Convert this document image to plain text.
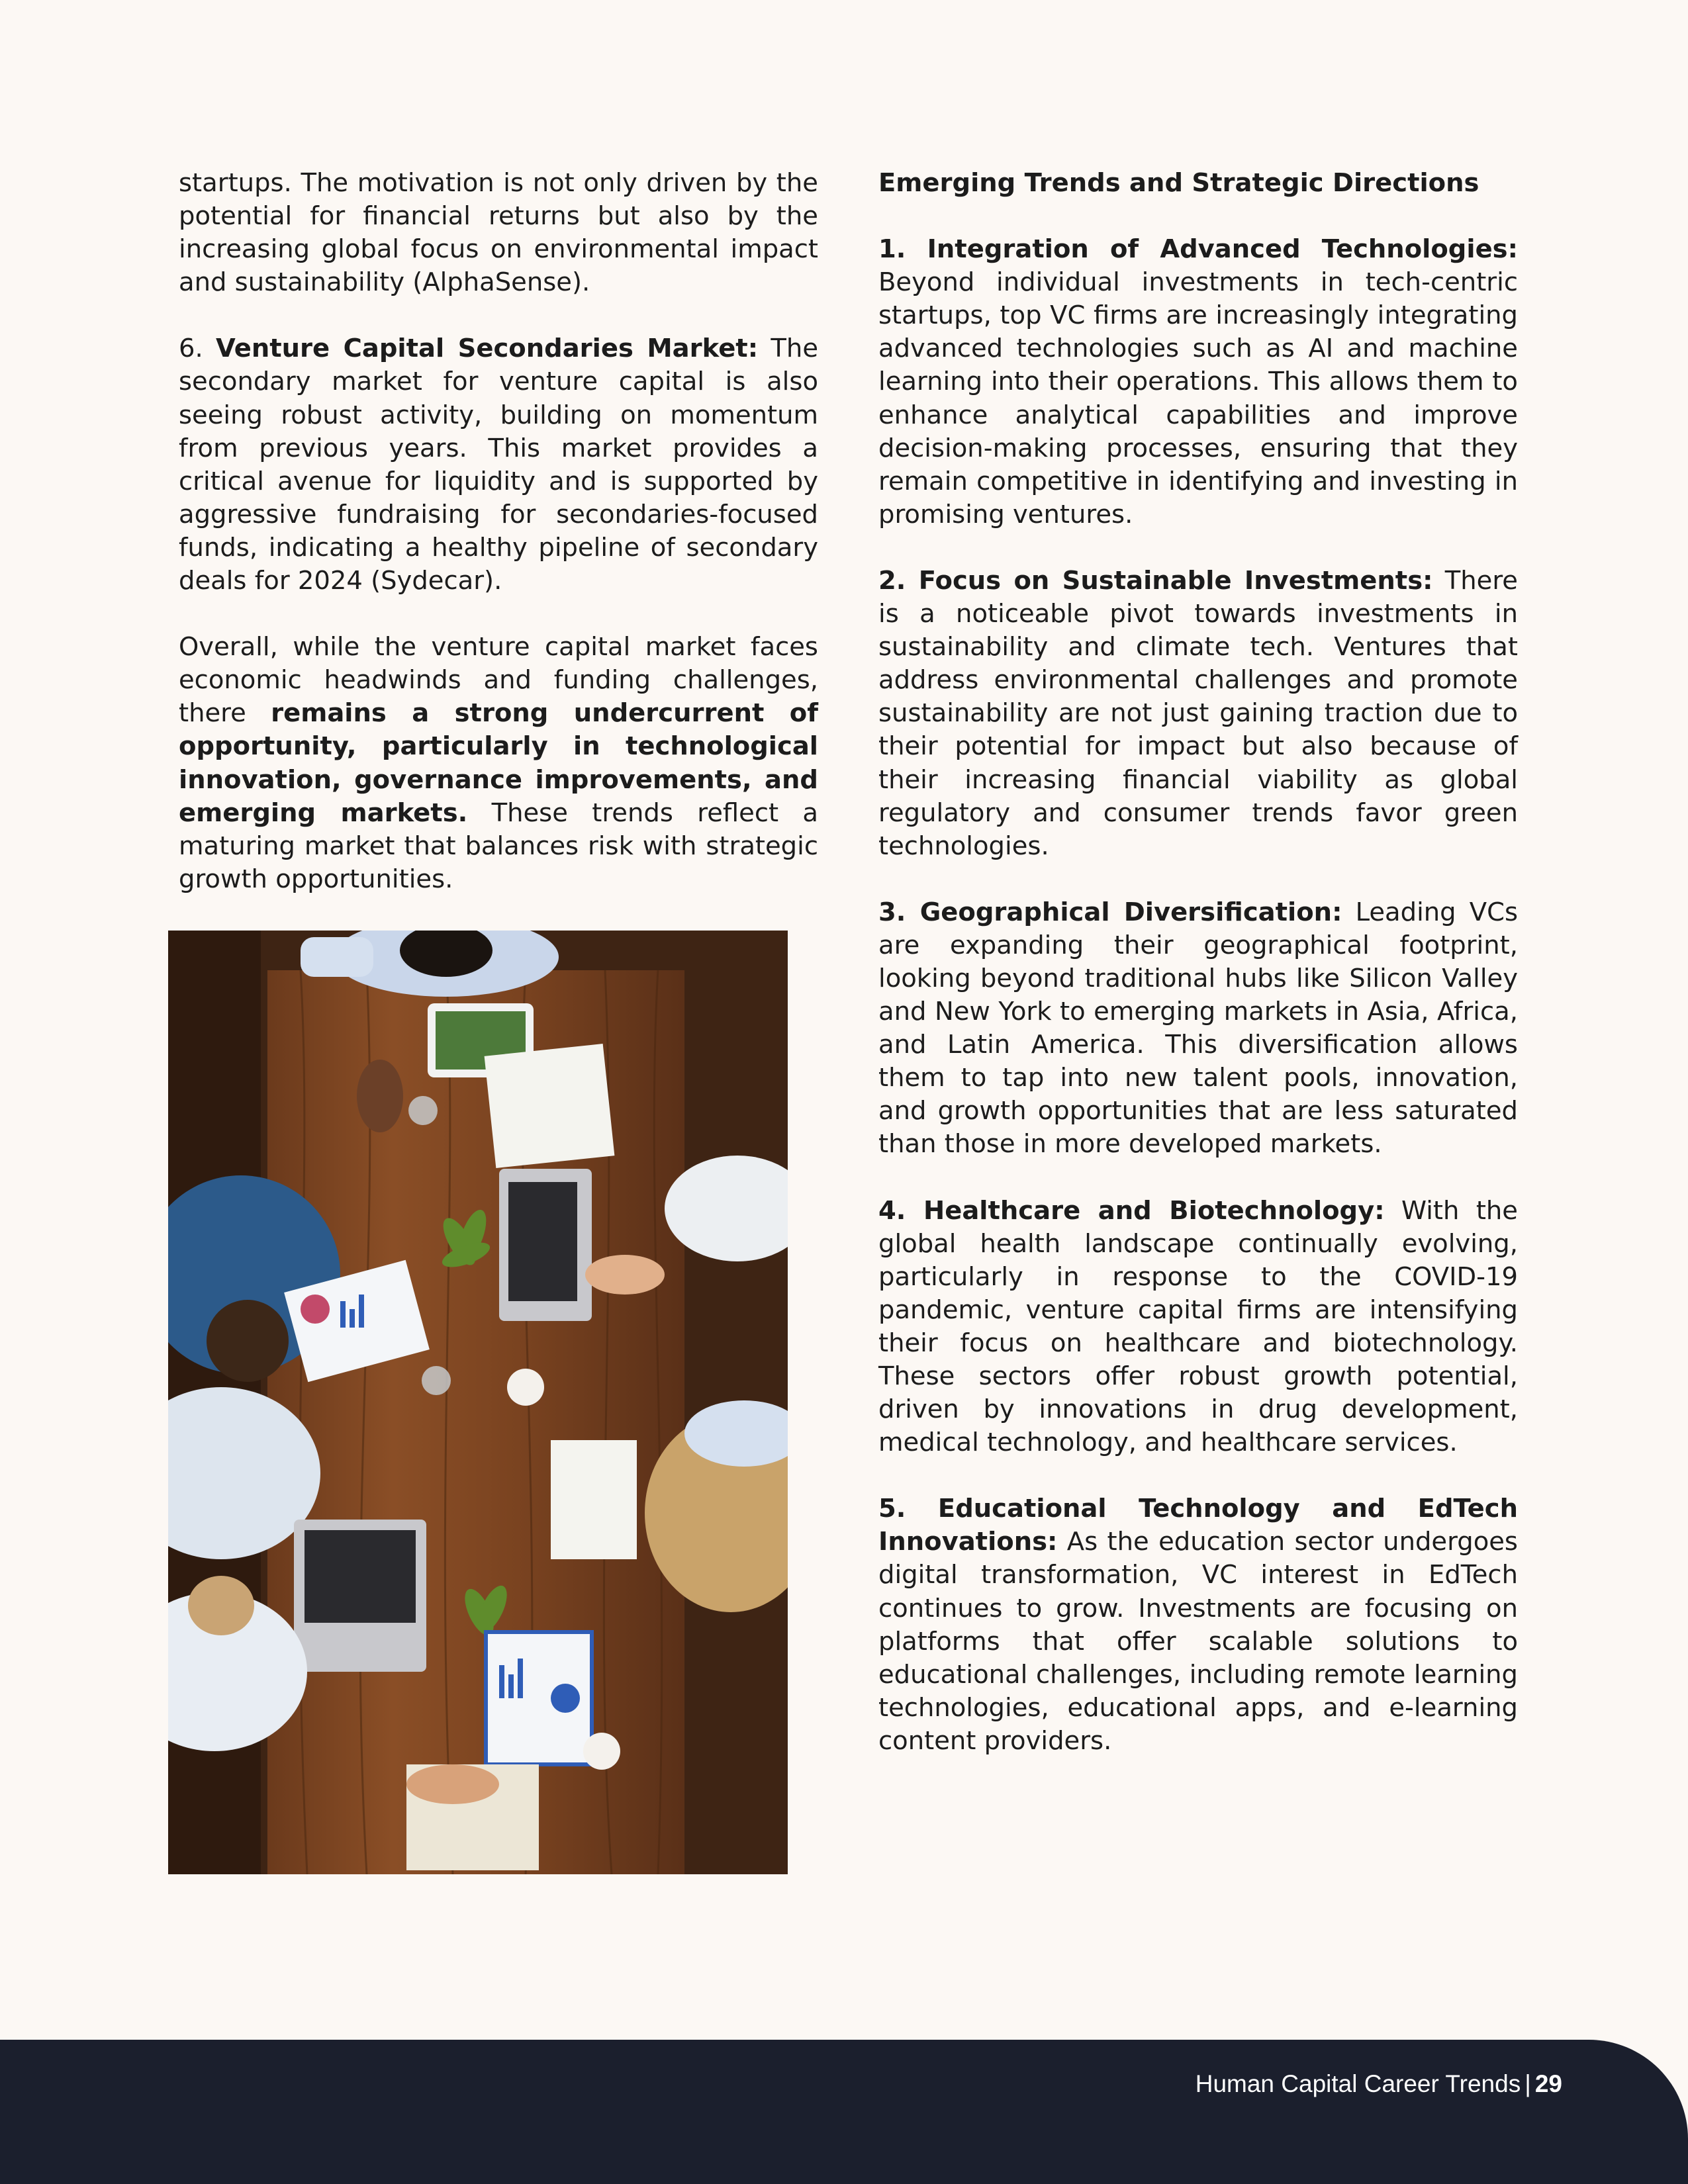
startups. The motivation is not only driven by the potential for financial returns but also by the increasing global focus on environmental impact and sustainability (AlphaSense).

6. Venture Capital Secondaries Market: The secondary market for venture capital is also seeing robust activity, building on momentum from previous years. This market provides a critical avenue for liquidity and is supported by aggressive fundraising for secondaries-focused funds, indicating a healthy pipeline of secondary deals for 2024 (Sydecar).

Overall, while the venture capital market faces economic headwinds and funding challenges, there remains a strong undercurrent of opportunity, particularly in technological innovation, governance improvements, and emerging markets. These trends reflect a maturing market that balances risk with strategic growth opportunities.

Emerging Trends and Strategic Directions

1. Integration of Advanced Technologies: Beyond individual investments in tech-centric startups, top VC firms are increasingly integrating advanced technologies such as AI and machine learning into their operations. This allows them to enhance analytical capabilities and improve decision-making processes, ensuring that they remain competitive in identifying and investing in promising ventures.

2. Focus on Sustainable Investments: There is a noticeable pivot towards investments in sustainability and climate tech. Ventures that address environmental challenges and promote sustainability are not just gaining traction due to their potential for impact but also because of their increasing financial viability as global regulatory and consumer trends favor green technologies.

3. Geographical Diversification: Leading VCs are expanding their geographical footprint, looking beyond traditional hubs like Silicon Valley and New York to emerging markets in Asia, Africa, and Latin America. This diversification allows them to tap into new talent pools, innovation, and growth opportunities that are less saturated than those in more developed markets.

4. Healthcare and Biotechnology: With the global health landscape continually evolving, particularly in response to the COVID-19 pandemic, venture capital firms are intensifying their focus on healthcare and biotechnology. These sectors offer robust growth potential, driven by innovations in drug development, medical technology, and healthcare services.

5. Educational Technology and EdTech Innovations: As the education sector undergoes digital transformation, VC interest in EdTech continues to grow. Investments are focusing on platforms that offer scalable solutions to educational challenges, including remote learning technologies, educational apps, and e-learning content providers.

Human Capital Career Trends | 29
